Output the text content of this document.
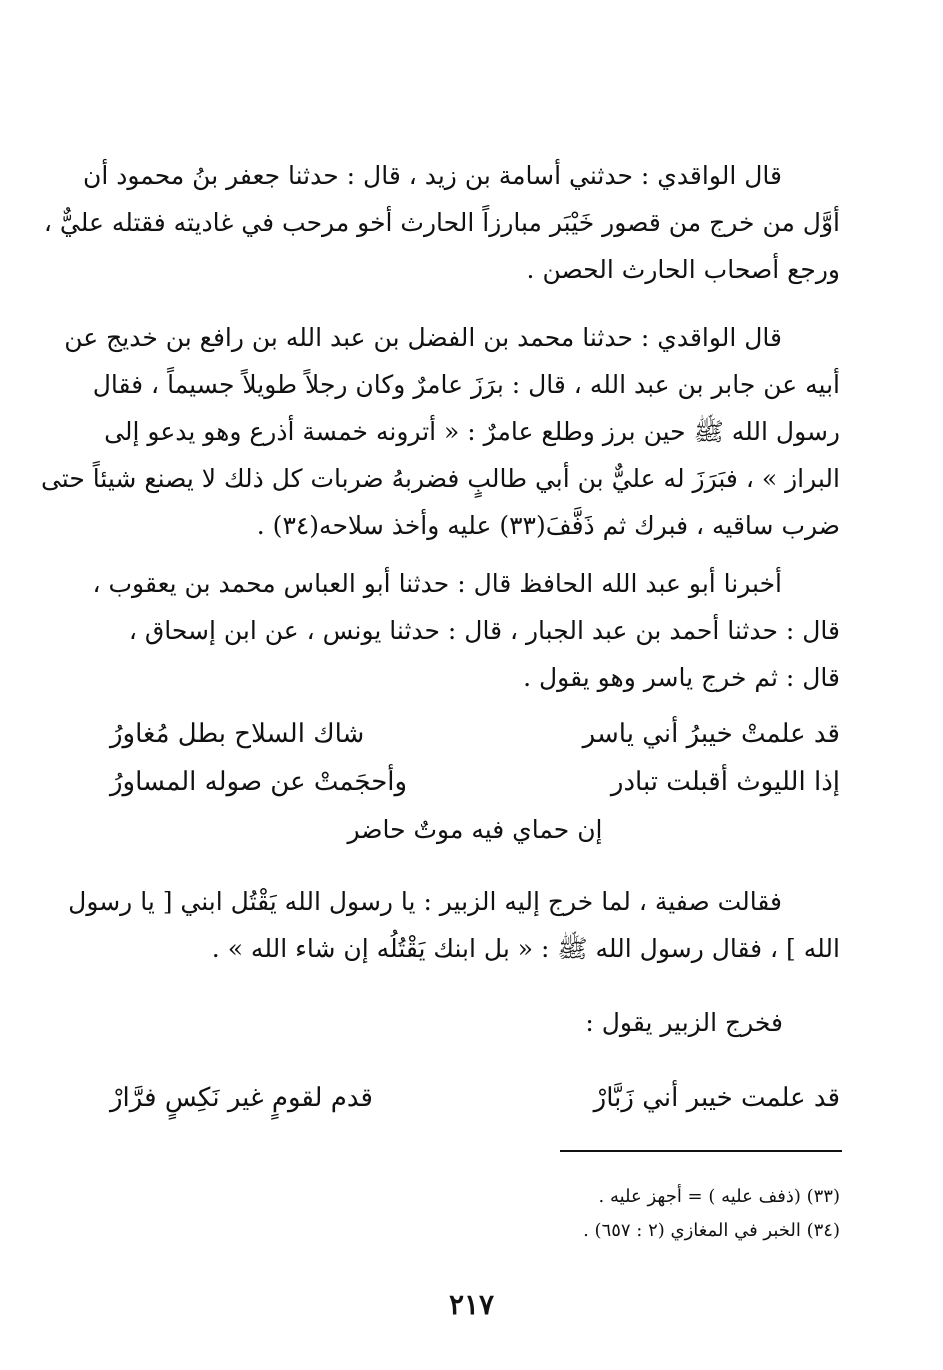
قال الواقدي : حدثني أسامة بن زيد ، قال : حدثنا جعفر بنُ محمود أن
أوَّل من خرج من قصور خَيْبَر مبارزاً الحارث أخو مرحب في غاديته فقتله عليٌّ ،
ورجع أصحاب الحارث الحصن .
قال الواقدي : حدثنا محمد بن الفضل بن عبد الله بن رافع بن خديج عن
أبيه عن جابر بن عبد الله ، قال : برَزَ عامرٌ وكان رجلاً طويلاً جسيماً ، فقال
رسول الله ﷺ حين برز وطلع عامرٌ : « أترونه خمسة أذرع وهو يدعو إلى
البراز » ، فبَرَزَ له عليٌّ بن أبي طالبٍ فضربهُ ضربات كل ذلك لا يصنع شيئاً حتى
ضرب ساقيه ، فبرك ثم ذَفَّفَ(٣٣) عليه وأخذ سلاحه(٣٤) .
أخبرنا أبو عبد الله الحافظ قال : حدثنا أبو العباس محمد بن يعقوب ،
قال : حدثنا أحمد بن عبد الجبار ، قال : حدثنا يونس ، عن ابن إسحاق ،
قال : ثم خرج ياسر وهو يقول .
قد علمتْ خيبرُ أني ياسر
شاك السلاح بطل مُغاورُ
إذا الليوث أقبلت تبادر
وأحجَمتْ عن صوله المساورُ
إن حماي فيه موتٌ حاضر
فقالت صفية ، لما خرج إليه الزبير : يا رسول الله يَقْتُل ابني [ يا رسول
الله ] ، فقال رسول الله ﷺ : « بل ابنك يَقْتُلُه إن شاء الله » .
فخرج الزبير يقول :
قد علمت خيبر أني زَبَّارْ
قدم لقومٍ غير نَكِسٍ فرَّارْ
(٣٣) (ذفف عليه ) = أجهز عليه .
(٣٤) الخبر في المغازي (٢ : ٦٥٧) .
٢١٧
